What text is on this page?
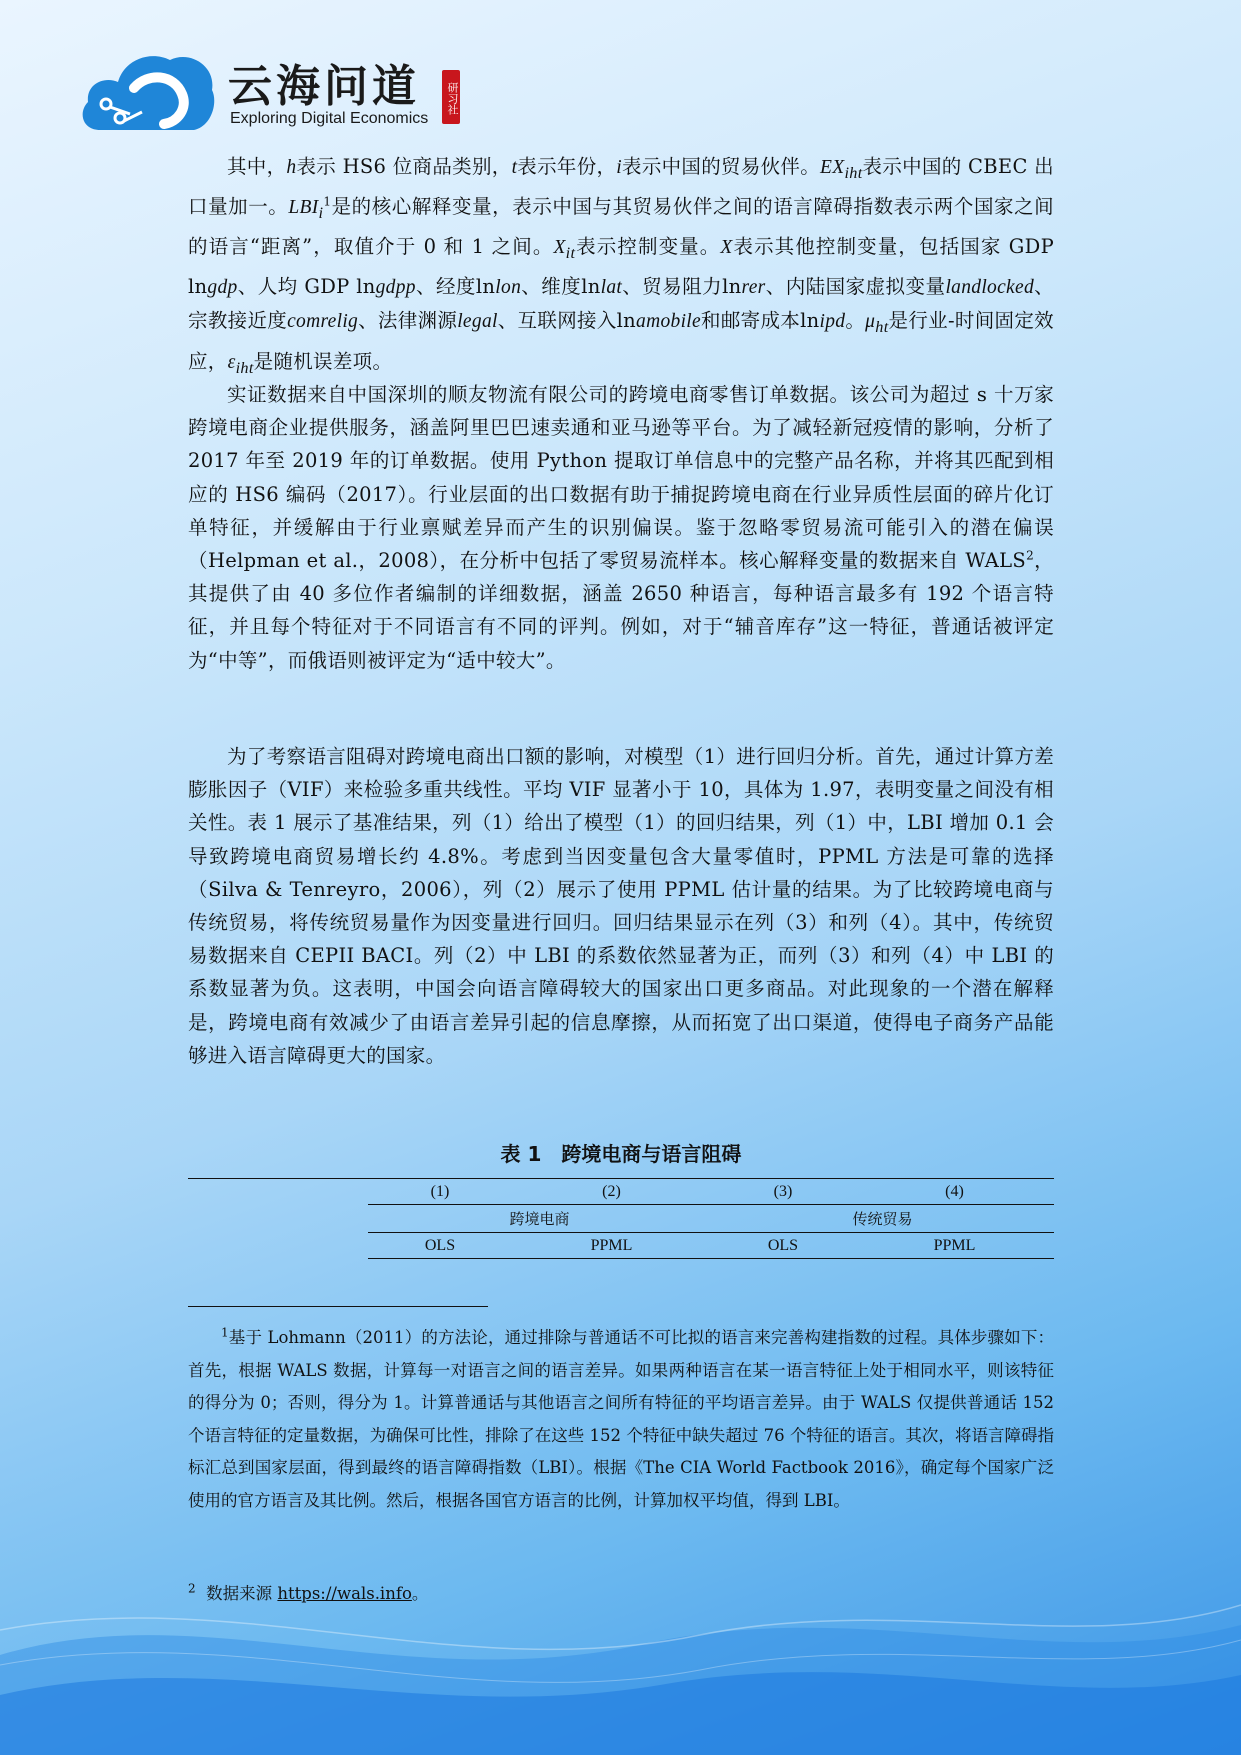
云海问道
Exploring Digital Economics
研习社

其中，h表示 HS6 位商品类别，t表示年份，i表示中国的贸易伙伴。$EX_{iht}$表示中国的 CBEC 出口量加一。$LBI_i^1$是的核心解释变量，表示中国与其贸易伙伴之间的语言障碍指数表示两个国家之间的语言“距离”，取值介于 0 和 1 之间。$X_{it}$表示控制变量。X表示其他控制变量，包括国家 GDP lngdp、人均 GDP lngdpp、经度lnlon、维度lnlat、贸易阻力lnrer、内陆国家虚拟变量landlocked、宗教接近度comrelig、法律渊源legal、互联网接入lnamobile和邮寄成本lnipd。$\mu_{ht}$是行业-时间固定效应，$\varepsilon_{iht}$是随机误差项。

实证数据来自中国深圳的顺友物流有限公司的跨境电商零售订单数据。该公司为超过 s 十万家跨境电商企业提供服务，涵盖阿里巴巴速卖通和亚马逊等平台。为了减轻新冠疫情的影响，分析了 2017 年至 2019 年的订单数据。使用 Python 提取订单信息中的完整产品名称，并将其匹配到相应的 HS6 编码（2017）。行业层面的出口数据有助于捕捉跨境电商在行业异质性层面的碎片化订单特征，并缓解由于行业禀赋差异而产生的识别偏误。鉴于忽略零贸易流可能引入的潜在偏误（Helpman et al.，2008），在分析中包括了零贸易流样本。核心解释变量的数据来自 WALS$^2$，其提供了由 40 多位作者编制的详细数据，涵盖 2650 种语言，每种语言最多有 192 个语言特征，并且每个特征对于不同语言有不同的评判。例如，对于“辅音库存”这一特征，普通话被评定为“中等”，而俄语则被评定为“适中较大”。

为了考察语言阻碍对跨境电商出口额的影响，对模型（1）进行回归分析。首先，通过计算方差膨胀因子（VIF）来检验多重共线性。平均 VIF 显著小于 10，具体为 1.97，表明变量之间没有相关性。表 1 展示了基准结果，列（1）给出了模型（1）的回归结果，列（1）中，LBI 增加 0.1 会导致跨境电商贸易增长约 4.8%。考虑到当因变量包含大量零值时，PPML 方法是可靠的选择（Silva & Tenreyro，2006），列（2）展示了使用 PPML 估计量的结果。为了比较跨境电商与传统贸易，将传统贸易量作为因变量进行回归。回归结果显示在列（3）和列（4）。其中，传统贸易数据来自 CEPII BACI。列（2）中 LBI 的系数依然显著为正，而列（3）和列（4）中 LBI 的系数显著为负。这表明，中国会向语言障碍较大的国家出口更多商品。对此现象的一个潜在解释是，跨境电商有效减少了由语言差异引起的信息摩擦，从而拓宽了出口渠道，使得电子商务产品能够进入语言障碍更大的国家。

表 1　跨境电商与语言阻碍
	(1)	(2)	(3)	(4)
	跨境电商		传统贸易	
	OLS	PPML	OLS	PPML

$^1$基于 Lohmann（2011）的方法论，通过排除与普通话不可比拟的语言来完善构建指数的过程。具体步骤如下：首先，根据 WALS 数据，计算每一对语言之间的语言差异。如果两种语言在某一语言特征上处于相同水平，则该特征的得分为 0；否则，得分为 1。计算普通话与其他语言之间所有特征的平均语言差异。由于 WALS 仅提供普通话 152 个语言特征的定量数据，为确保可比性，排除了在这些 152 个特征中缺失超过 76 个特征的语言。其次，将语言障碍指标汇总到国家层面，得到最终的语言障碍指数（LBI）。根据《The CIA World Factbook 2016》，确定每个国家广泛使用的官方语言及其比例。然后，根据各国官方语言的比例，计算加权平均值，得到 LBI。

$^2$ 数据来源 https://wals.info。
